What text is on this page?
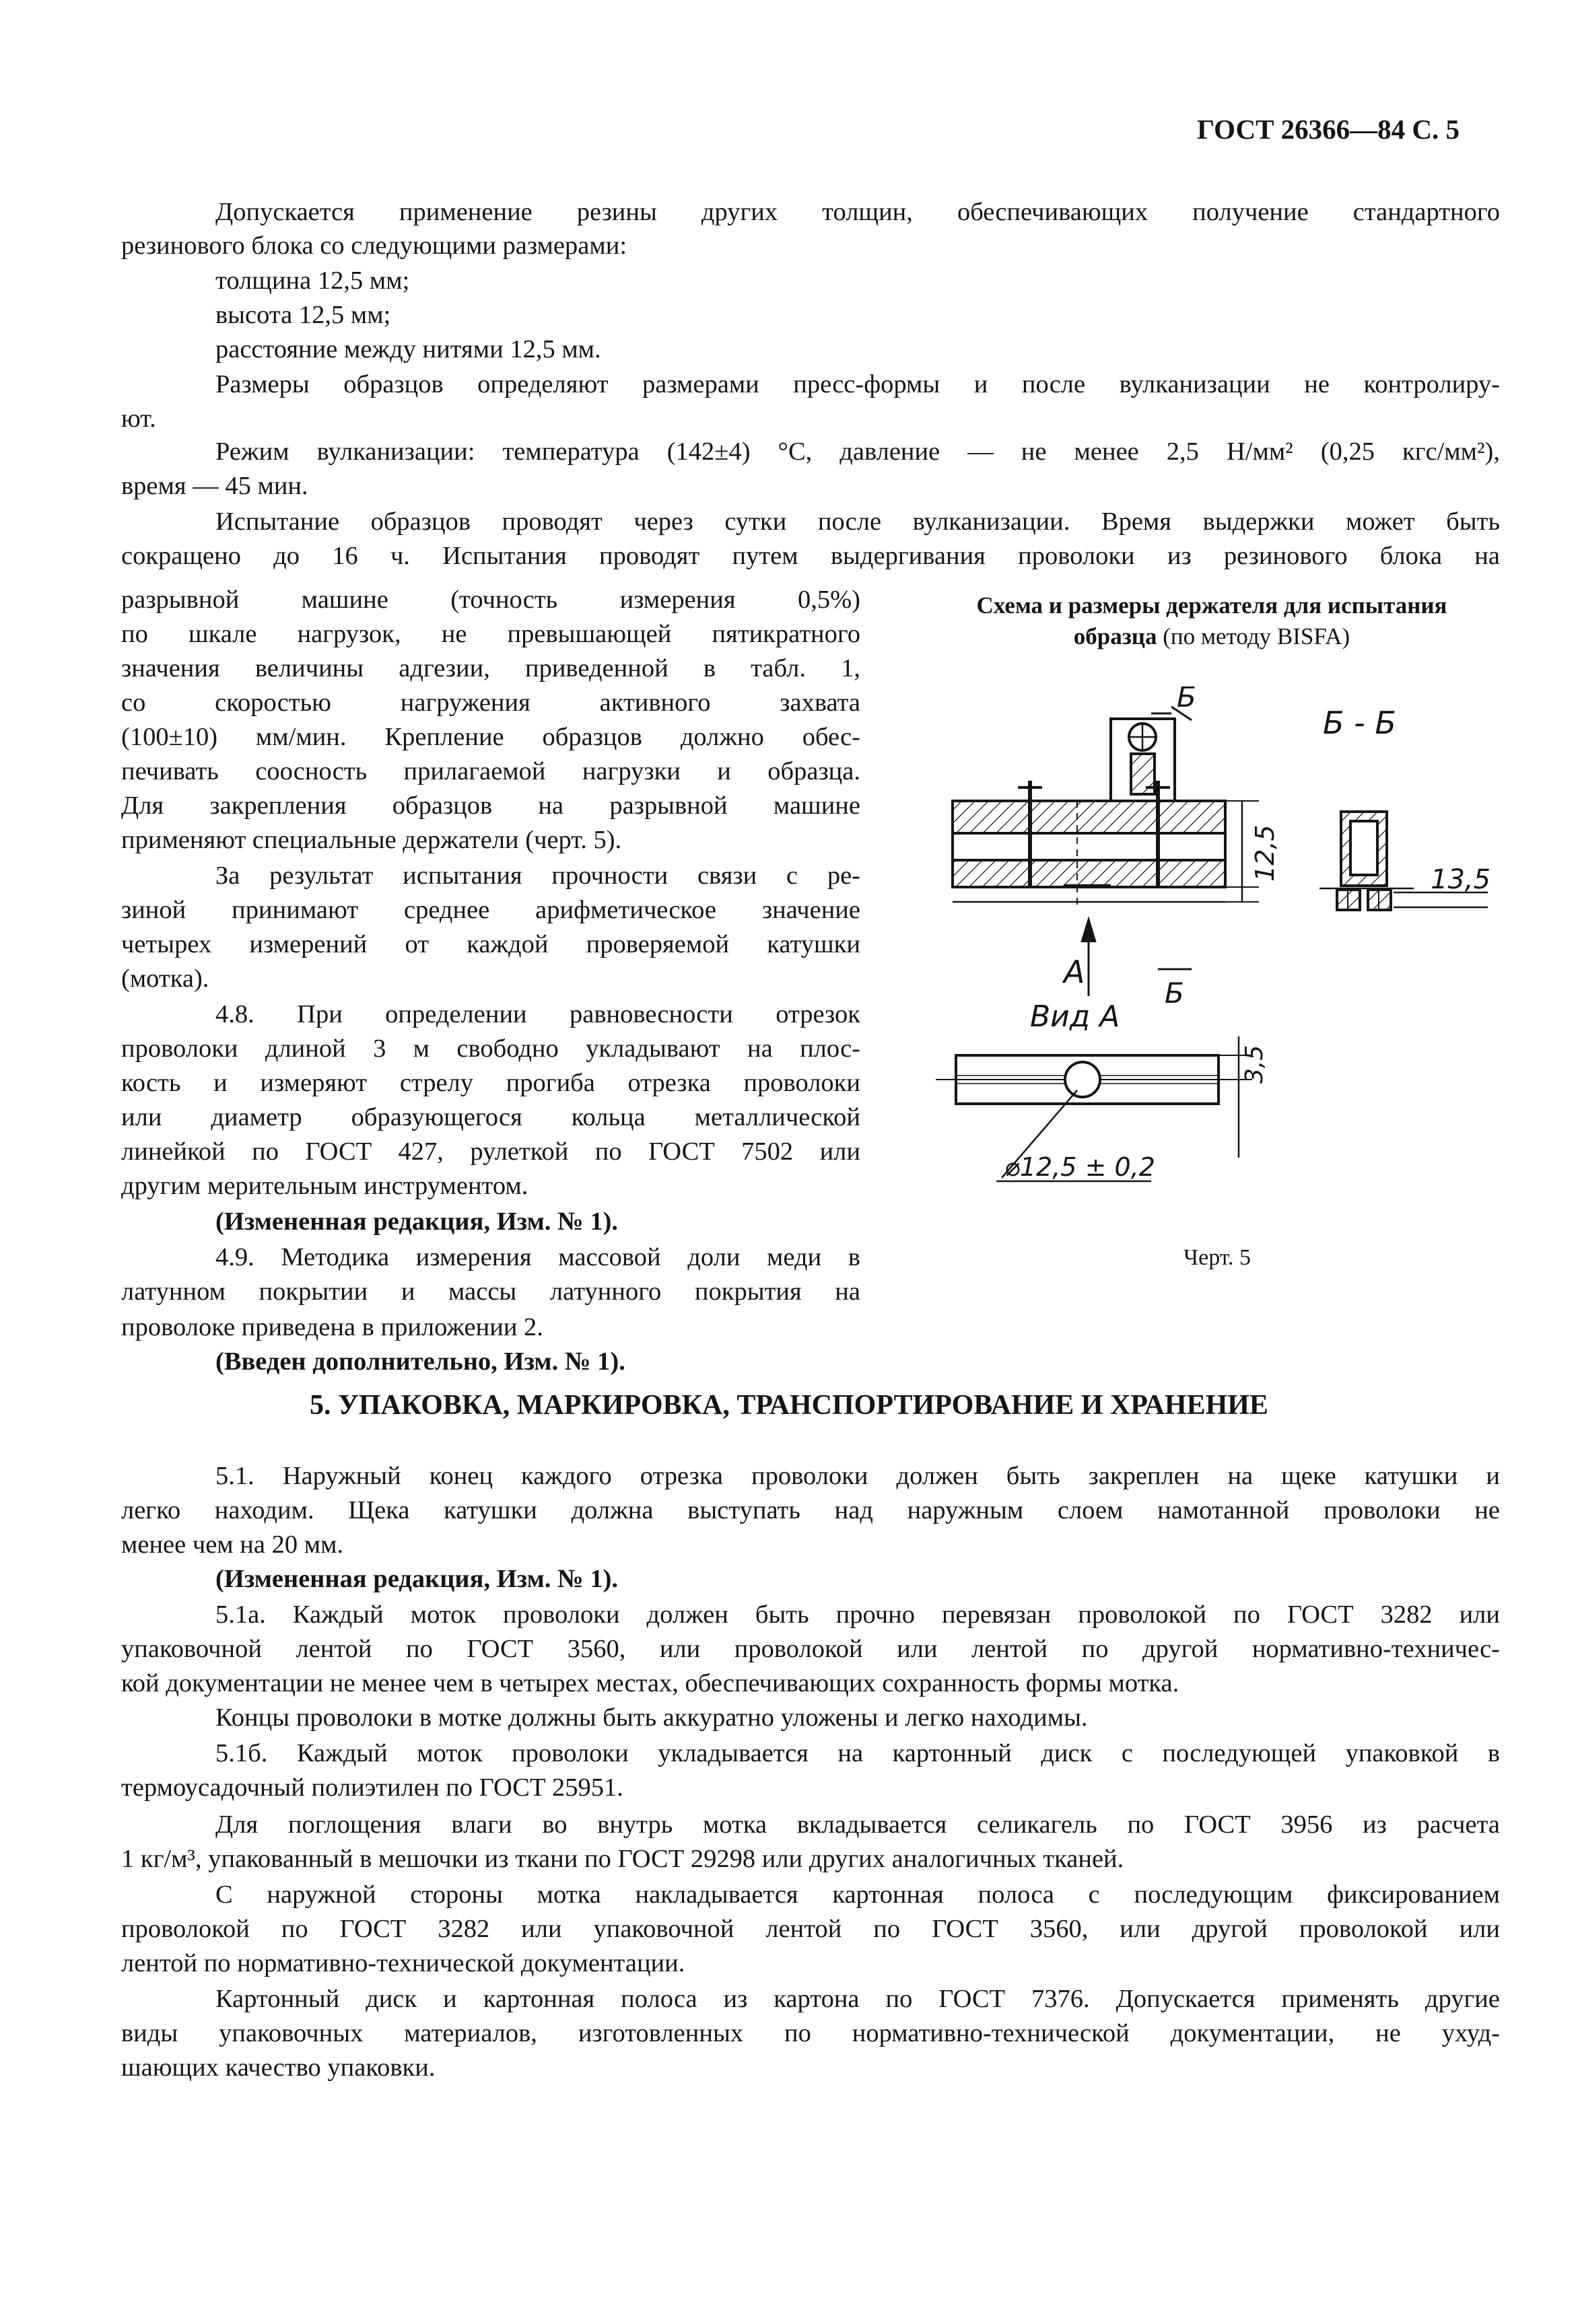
ГОСТ 26366—84 С. 5
Допускается применение резины других толщин, обеспечивающих получение стандартного
резинового блока со следующими размерами:
толщина 12,5 мм;
высота 12,5 мм;
расстояние между нитями 12,5 мм.
Размеры образцов определяют размерами пресс-формы и после вулканизации не контролиру-
ют.
Режим вулканизации: температура (142±4) °С, давление — не менее 2,5 Н/мм² (0,25 кгс/мм²),
время — 45 мин.
Испытание образцов проводят через сутки после вулканизации. Время выдержки может быть
сокращено до 16 ч. Испытания проводят путем выдергивания проволоки из резинового блока на
разрывной машине (точность измерения 0,5%)
по шкале нагрузок, не превышающей пятикратного
значения величины адгезии, приведенной в табл. 1,
со скоростью нагружения активного захвата
(100±10) мм/мин. Крепление образцов должно обес-
печивать соосность прилагаемой нагрузки и образца.
Для закрепления образцов на разрывной машине
применяют специальные держатели (черт. 5).
За результат испытания прочности связи с ре-
зиной принимают среднее арифметическое значение
четырех измерений от каждой проверяемой катушки
(мотка).
4.8. При определении равновесности отрезок
проволоки длиной 3 м свободно укладывают на плос-
кость и измеряют стрелу прогиба отрезка проволоки
или диаметр образующегося кольца металлической
линейкой по ГОСТ 427, рулеткой по ГОСТ 7502 или
другим мерительным инструментом.
(Измененная редакция, Изм. № 1).
4.9. Методика измерения массовой доли меди в
латунном покрытии и массы латунного покрытия на
проволоке приведена в приложении 2.
(Введен дополнительно, Изм. № 1).
Схема и размеры держателя для испытания
образца (по методу BISFA)
Б
Б - Б
Б
А
Вид А
12,5	13,5
3,5
⌀12,5 ± 0,2
Черт. 5
5. УПАКОВКА, МАРКИРОВКА, ТРАНСПОРТИРОВАНИЕ И ХРАНЕНИЕ
5.1. Наружный конец каждого отрезка проволоки должен быть закреплен на щеке катушки и
легко находим. Щека катушки должна выступать над наружным слоем намотанной проволоки не
менее чем на 20 мм.
(Измененная редакция, Изм. № 1).
5.1а. Каждый моток проволоки должен быть прочно перевязан проволокой по ГОСТ 3282 или
упаковочной лентой по ГОСТ 3560, или проволокой или лентой по другой нормативно-техничес-
кой документации не менее чем в четырех местах, обеспечивающих сохранность формы мотка.
Концы проволоки в мотке должны быть аккуратно уложены и легко находимы.
5.1б. Каждый моток проволоки укладывается на картонный диск с последующей упаковкой в
термоусадочный полиэтилен по ГОСТ 25951.
Для поглощения влаги во внутрь мотка вкладывается селикагель по ГОСТ 3956 из расчета
1 кг/м³, упакованный в мешочки из ткани по ГОСТ 29298 или других аналогичных тканей.
С наружной стороны мотка накладывается картонная полоса с последующим фиксированием
проволокой по ГОСТ 3282 или упаковочной лентой по ГОСТ 3560, или другой проволокой или
лентой по нормативно-технической документации.
Картонный диск и картонная полоса из картона по ГОСТ 7376. Допускается применять другие
виды упаковочных материалов, изготовленных по нормативно-технической документации, не ухуд-
шающих качество упаковки.
